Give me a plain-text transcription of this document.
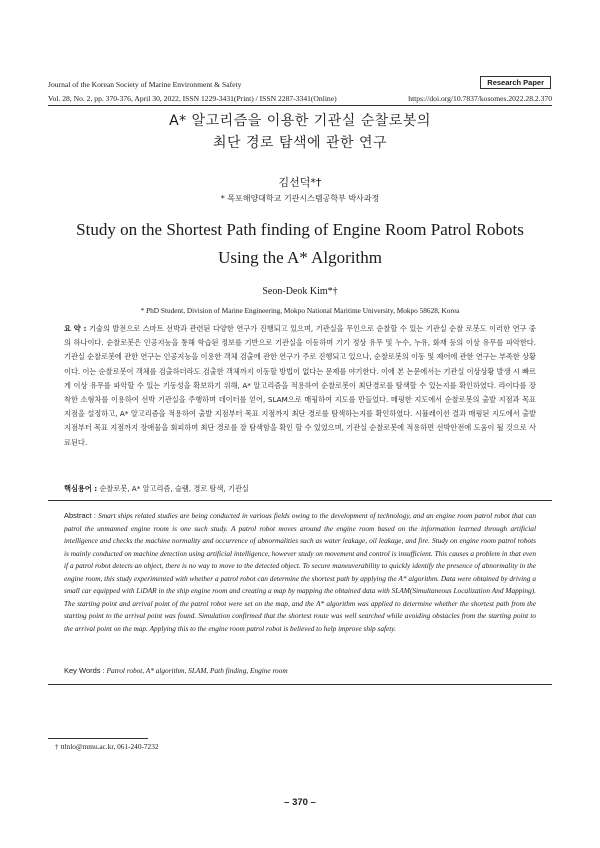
Journal of the Korean Society of Marine Environment & Safety	Research Paper
Vol. 28, No. 2, pp. 370-376, April 30, 2022, ISSN 1229-3431(Print) / ISSN 2287-3341(Online)	https://doi.org/10.7837/kosomes.2022.28.2.370
A* 알고리즘을 이용한 기관실 순찰로봇의
최단 경로 탐색에 관한 연구
김선덕*†
* 목포해양대학교 기관시스템공학부 박사과정
Study on the Shortest Path finding of Engine Room Patrol Robots
Using the A* Algorithm
Seon-Deok Kim*†
* PhD Student, Division of Marine Engineering, Mokpo National Maritime University, Mokpo 58628, Korea
요 약 : 기술의 발전으로 스마트 선박과 관련된 다양한 연구가 진행되고 있으며, 기관실을 무인으로 순찰할 수 있는 기관실 순찰 로봇도 이러한 연구 중의 하나이다. 순찰로봇은 인공지능을 통해 학습된 정보를 기반으로 기관실을 이동하며 기기 정상 유무 및 누수, 누유, 화재 등의 이상 유무를 파악한다. 기관실 순찰로봇에 관한 연구는 인공지능을 이용한 객체 검출에 관한 연구가 주로 진행되고 있으나, 순찰로봇의 이동 및 제어에 관한 연구는 부족한 상황이다. 이는 순찰로봇이 객체를 검출하더라도 검출한 객체까지 이동할 방법이 없다는 문제를 야기한다. 이에 본 논문에서는 기관실 이상상황 발생 시 빠르게 이상 유무를 파악할 수 있는 기동성을 확보하기 위해, A* 알고리즘을 적용하여 순찰로봇이 최단경로를 탐색할 수 있는지를 확인하였다. 라이다를 장착한 소형차를 이용하여 선박 기관실을 주행하며 데이터를 얻어, SLAM으로 매핑하여 지도를 만들었다. 매핑한 지도에서 순찰로봇의 출발 지점과 목표 지점을 설정하고, A* 알고리즘을 적용하여 출발 지점부터 목표 지점까지 최단 경로를 탐색하는지를 확인하였다. 시뮬레이션 결과 매핑된 지도에서 출발 지점부터 목표 지점까지 장애물을 회피하며 최단 경로를 잘 탐색함을 확인 할 수 있었으며, 기관실 순찰로봇에 적용하면 선박안전에 도움이 될 것으로 사료된다.
핵심용어 : 순찰로봇, A* 알고리즘, 슬램, 경로 탐색, 기관실
Abstract : Smart ships related studies are being conducted in various fields owing to the development of technology, and an engine room patrol robot that can patrol the unmanned engine room is one such study. A patrol robot moves around the engine room based on the information learned through artificial intelligence and checks the machine normality and occurrence of abnormalities such as water leakage, oil leakage, and fire. Study on engine room patrol robots is mainly conducted on machine detection using artificial intelligence, however study on movement and control is insufficient. This causes a problem in that even if a patrol robot detects an object, there is no way to move to the detected object. To secure maneuverability to quickly identify the presence of abnormality in the engine room, this study experimented with whether a patrol robot can determine the shortest path by applying the A* algorithm. Data were obtained by driving a small car equipped with LiDAR in the ship engine room and creating a map by mapping the obtained data with SLAM(Simultaneous Localization And Mapping). The starting point and arrival point of the patrol robot were set on the map, and the A* algorithm was applied to determine whether the shortest path from the starting point to the arrival point was found. Simulation confirmed that the shortest route was well searched while avoiding obstacles from the starting point to the arrival point on the map. Applying this to the engine room patrol robot is believed to help improve ship safety.
Key Words : Patrol robot, A* algorithm, SLAM, Path finding, Engine room
† ttlnlo@mmu.ac.kr, 061-240-7232
– 370 –
